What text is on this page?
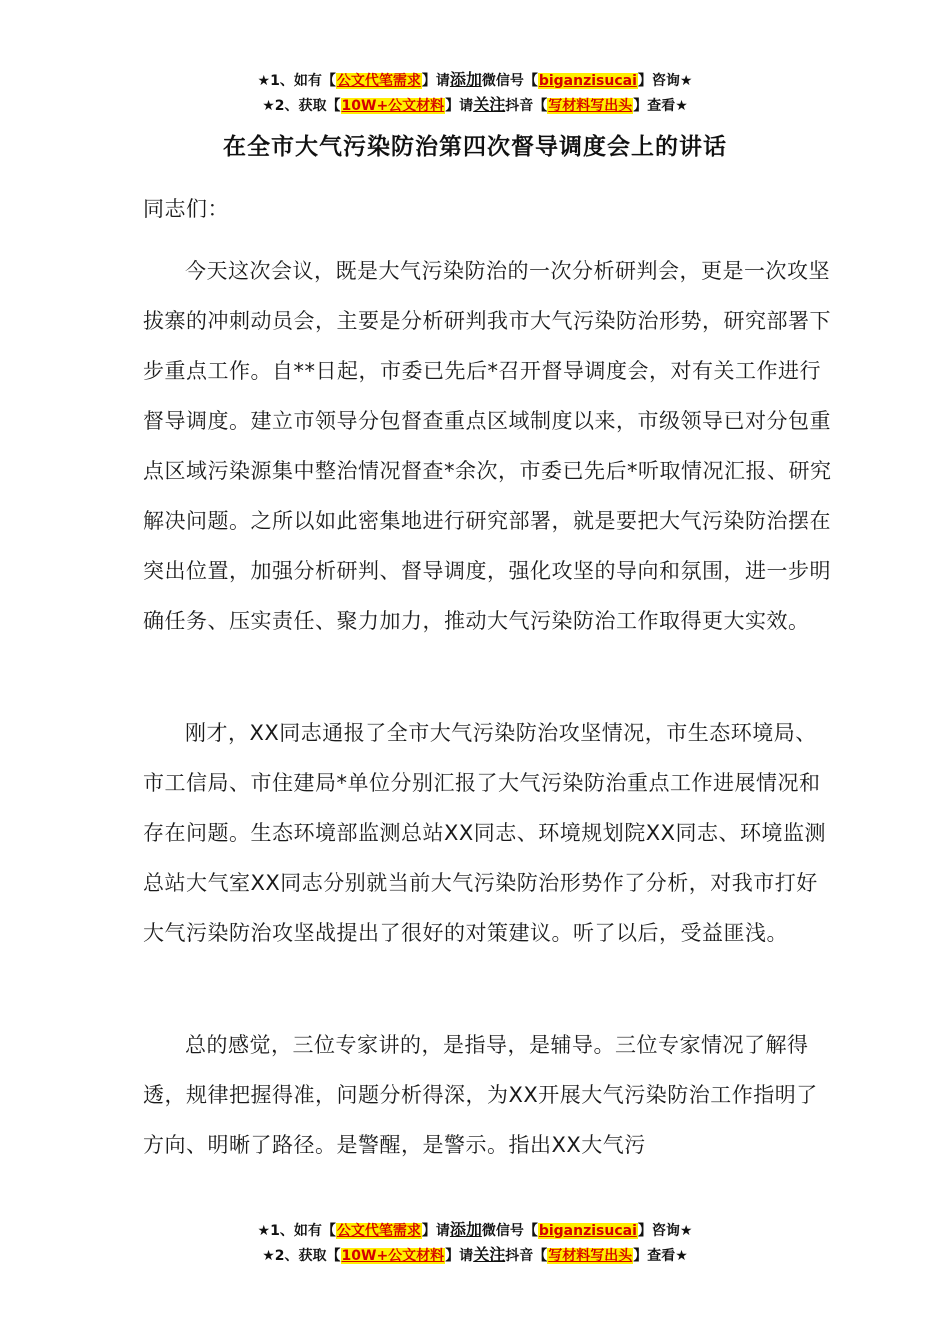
★1、如有【公文代笔需求】请添加微信号【biganzisucai】咨询★
★2、获取【10W+公文材料】请关注抖音【写材料写出头】查看★
在全市大气污染防治第四次督导调度会上的讲话
同志们：

今天这次会议，既是大气污染防治的一次分析研判会，更是一次攻坚拔寨的冲刺动员会，主要是分析研判我市大气污染防治形势，研究部署下步重点工作。自**日起，市委已先后*召开督导调度会，对有关工作进行督导调度。建立市领导分包督查重点区域制度以来，市级领导已对分包重点区域污染源集中整治情况督查*余次，市委已先后*听取情况汇报、研究解决问题。之所以如此密集地进行研究部署，就是要把大气污染防治摆在突出位置，加强分析研判、督导调度，强化攻坚的导向和氛围，进一步明确任务、压实责任、聚力加力，推动大气污染防治工作取得更大实效。

刚才，XX同志通报了全市大气污染防治攻坚情况，市生态环境局、市工信局、市住建局*单位分别汇报了大气污染防治重点工作进展情况和存在问题。生态环境部监测总站XX同志、环境规划院XX同志、环境监测总站大气室XX同志分别就当前大气污染防治形势作了分析，对我市打好大气污染防治攻坚战提出了很好的对策建议。听了以后，受益匪浅。

总的感觉，三位专家讲的，是指导，是辅导。三位专家情况了解得透，规律把握得准，问题分析得深，为XX开展大气污染防治工作指明了方向、明晰了路径。是警醒，是警示。指出XX大气污

★1、如有【公文代笔需求】请添加微信号【biganzisucai】咨询★
★2、获取【10W+公文材料】请关注抖音【写材料写出头】查看★
